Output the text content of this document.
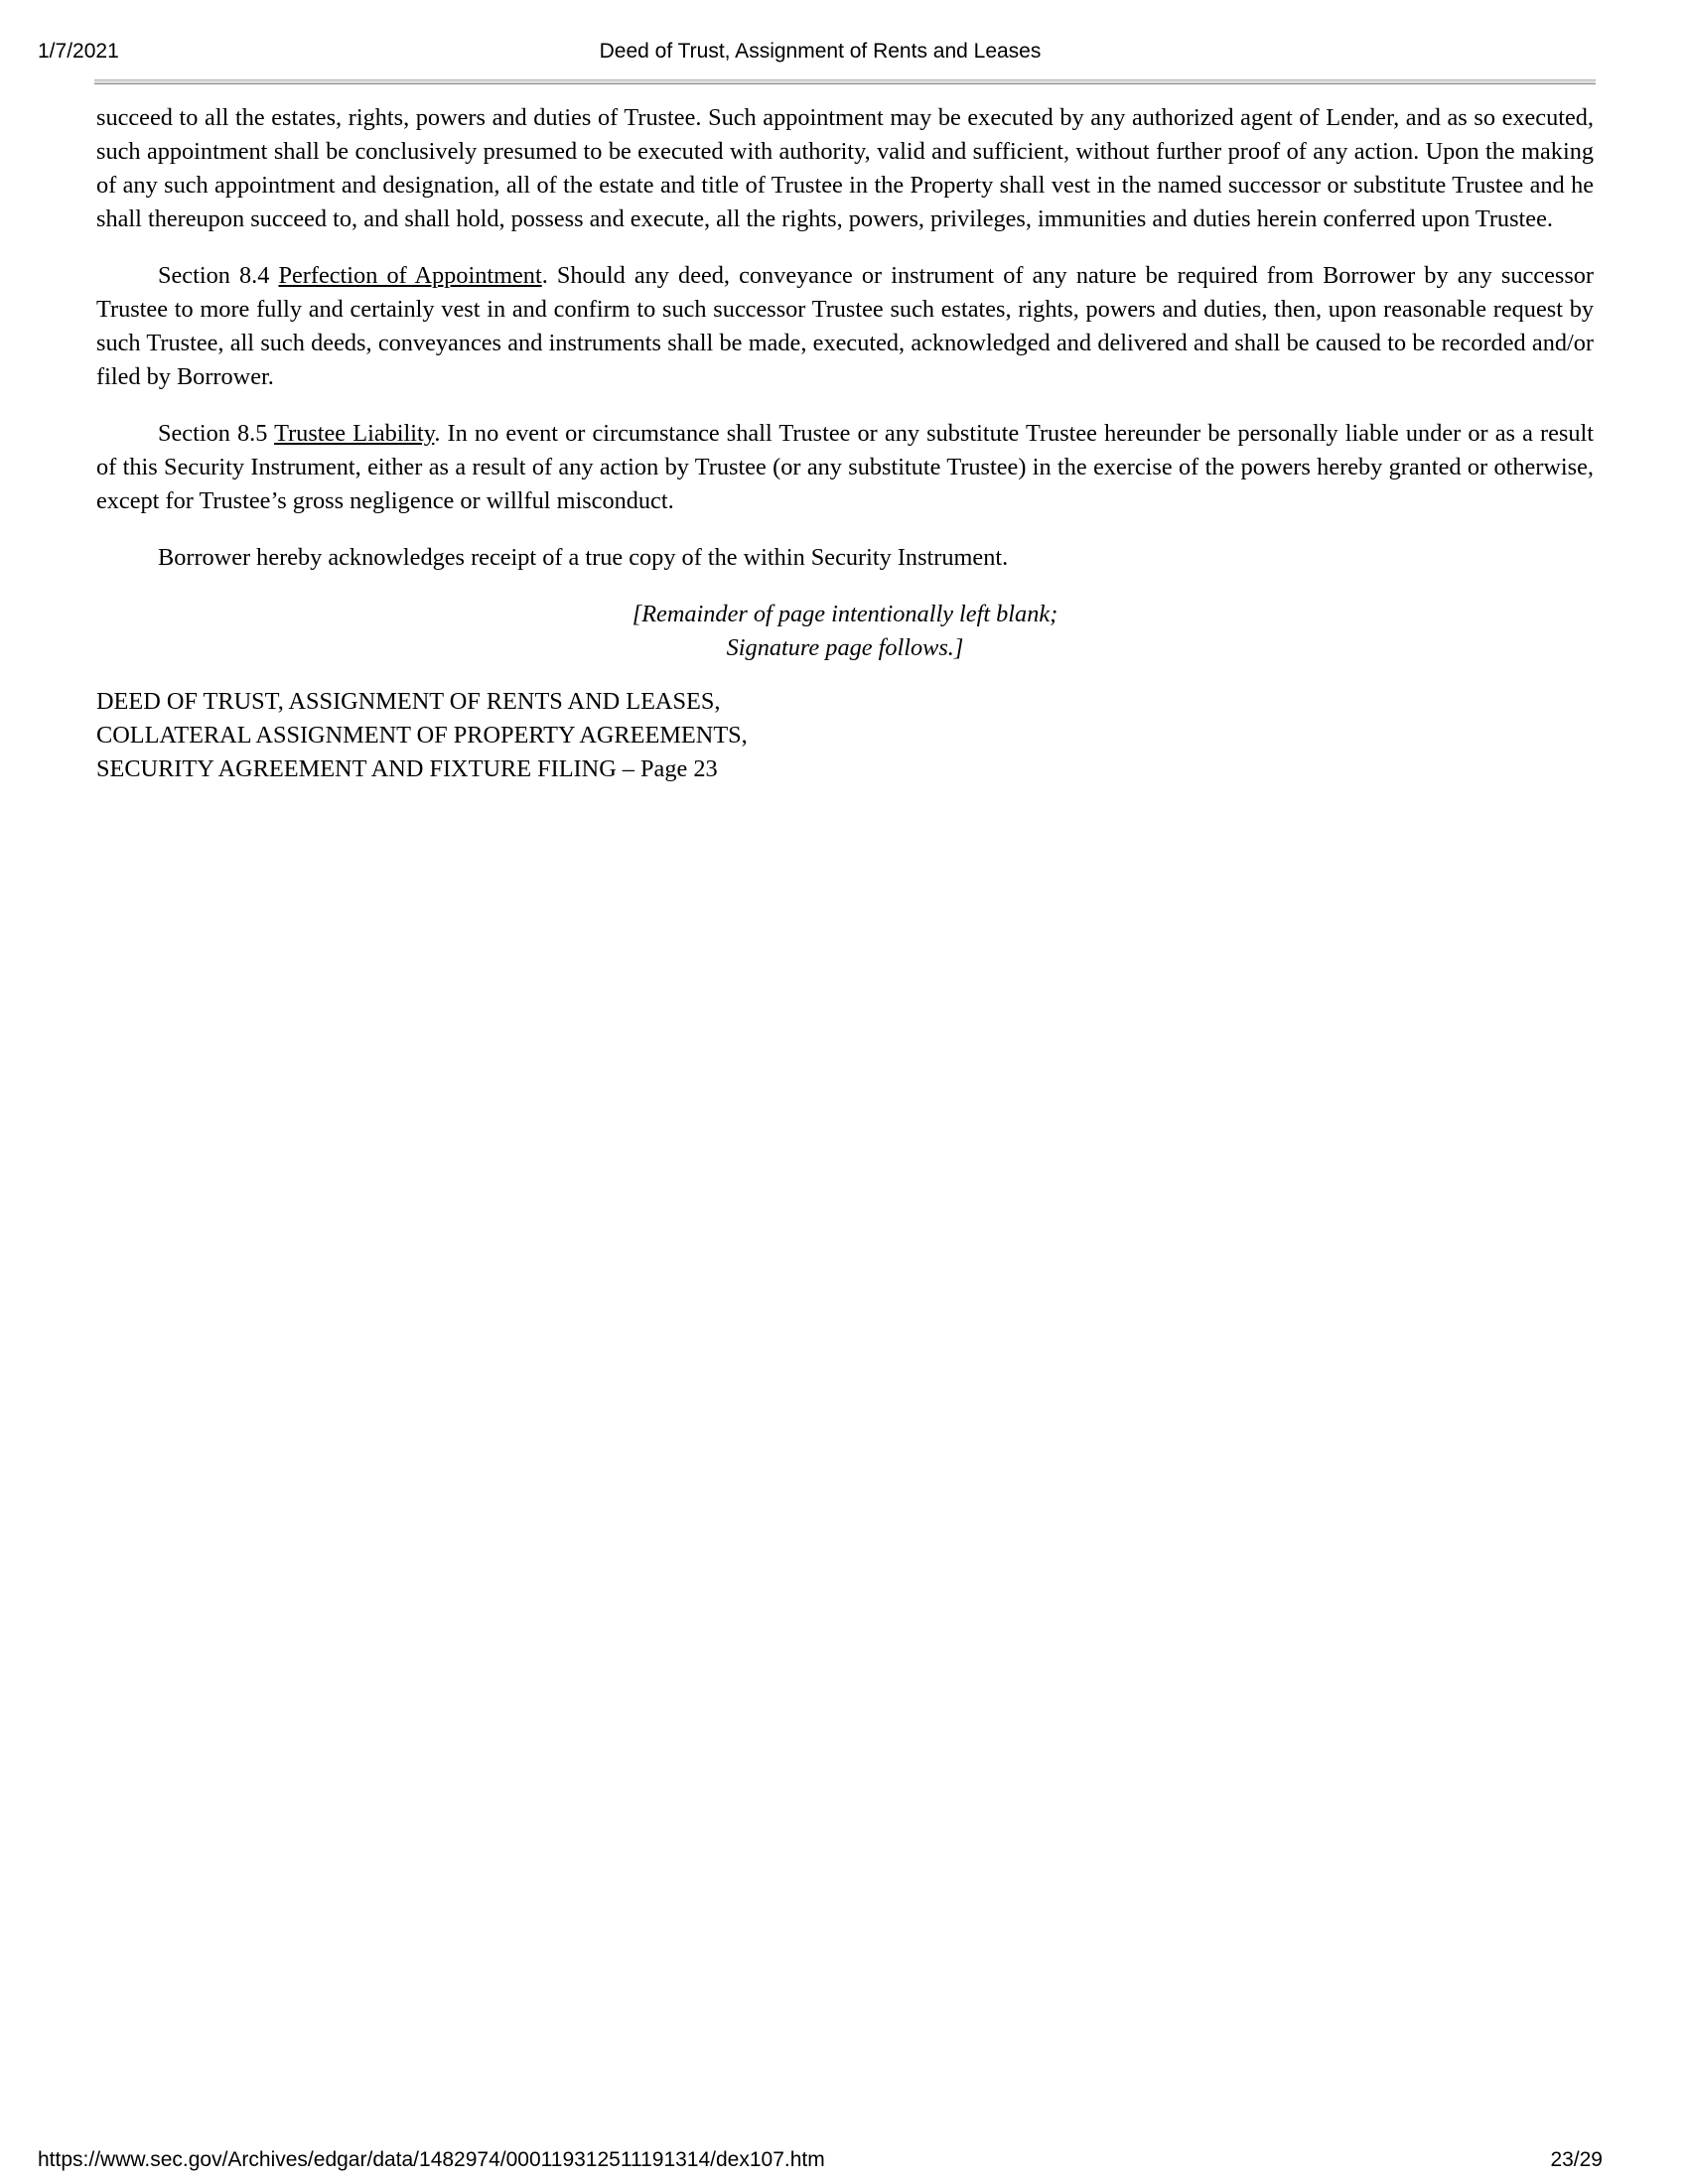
1/7/2021	Deed of Trust, Assignment of Rents and Leases

succeed to all the estates, rights, powers and duties of Trustee. Such appointment may be executed by any authorized agent of Lender, and as so executed, such appointment shall be conclusively presumed to be executed with authority, valid and sufficient, without further proof of any action. Upon the making of any such appointment and designation, all of the estate and title of Trustee in the Property shall vest in the named successor or substitute Trustee and he shall thereupon succeed to, and shall hold, possess and execute, all the rights, powers, privileges, immunities and duties herein conferred upon Trustee.

Section 8.4 Perfection of Appointment. Should any deed, conveyance or instrument of any nature be required from Borrower by any successor Trustee to more fully and certainly vest in and confirm to such successor Trustee such estates, rights, powers and duties, then, upon reasonable request by such Trustee, all such deeds, conveyances and instruments shall be made, executed, acknowledged and delivered and shall be caused to be recorded and/or filed by Borrower.

Section 8.5 Trustee Liability. In no event or circumstance shall Trustee or any substitute Trustee hereunder be personally liable under or as a result of this Security Instrument, either as a result of any action by Trustee (or any substitute Trustee) in the exercise of the powers hereby granted or otherwise, except for Trustee’s gross negligence or willful misconduct.

Borrower hereby acknowledges receipt of a true copy of the within Security Instrument.

[Remainder of page intentionally left blank;
Signature page follows.]

DEED OF TRUST, ASSIGNMENT OF RENTS AND LEASES,
COLLATERAL ASSIGNMENT OF PROPERTY AGREEMENTS,
SECURITY AGREEMENT AND FIXTURE FILING – Page 23

https://www.sec.gov/Archives/edgar/data/1482974/000119312511191314/dex107.htm	23/29
